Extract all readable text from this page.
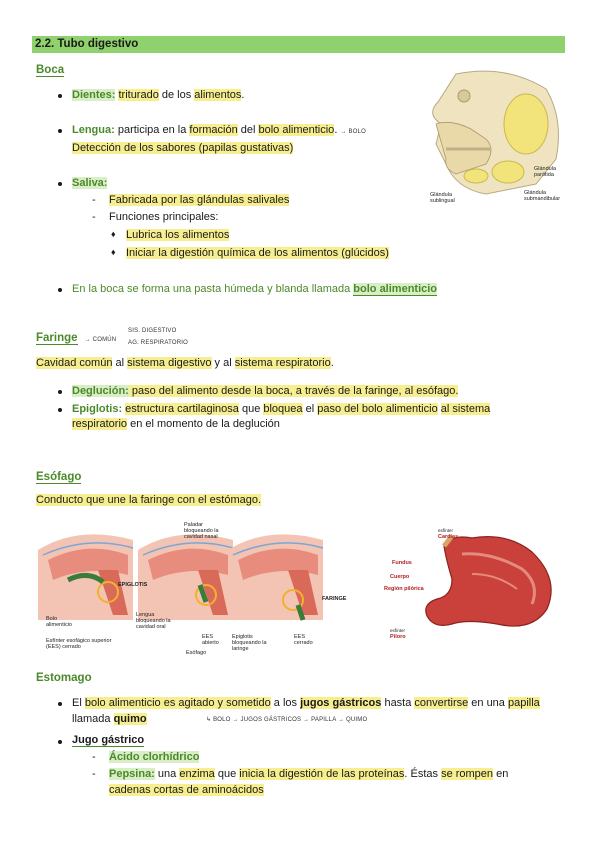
2.2. Tubo digestivo
Boca
Dientes: triturado de los alimentos.
Lengua: participa en la formación del bolo alimenticio. → BOLO
Detección de los sabores (papilas gustativas)
Saliva:
- Fabricada por las glándulas salivales
- Funciones principales:
♦ Lubrica los alimentos
♦ Iniciar la digestión química de los alimentos (glúcidos)
En la boca se forma una pasta húmeda y blanda llamada bolo alimenticio
Glándula parótida
Glándula submandibular
Glándula sublingual
Faringe → COMÚN
SIS. DIGESTIVO
AG. RESPIRATORIO
Cavidad común al sistema digestivo y al sistema respiratorio.
Deglución: paso del alimento desde la boca, a través de la faringe, al esófago.
Epiglotis: estructura cartilaginosa que bloquea el paso del bolo alimenticio al sistema
respiratorio en el momento de la deglución
Esófago
Conducto que une la faringe con el estómago.
Paladar bloqueando la cavidad nasal
EPIGLOTIS
Bolo alimenticio
Lengua bloqueando la cavidad oral
Esfínter esofágico superior (EES) cerrado
Esófago
EES abierto
Epiglotis bloqueando la laringe
EES cerrado
FARINGE
esfínter
Cardias
Fundus
Cuerpo
Región pilórica
esfínter
Píloro
Estomago
El bolo alimenticio es agitado y sometido a los jugos gástricos hasta convertirse en una papilla
llamada quimo	↳ BOLO → JUGOS GÁSTRICOS → PAPILLA → QUIMO
Jugo gástrico
- Ácido clorhídrico
- Pepsina: una enzima que inicia la digestión de las proteínas. Éstas se rompen en
cadenas cortas de aminoácidos
